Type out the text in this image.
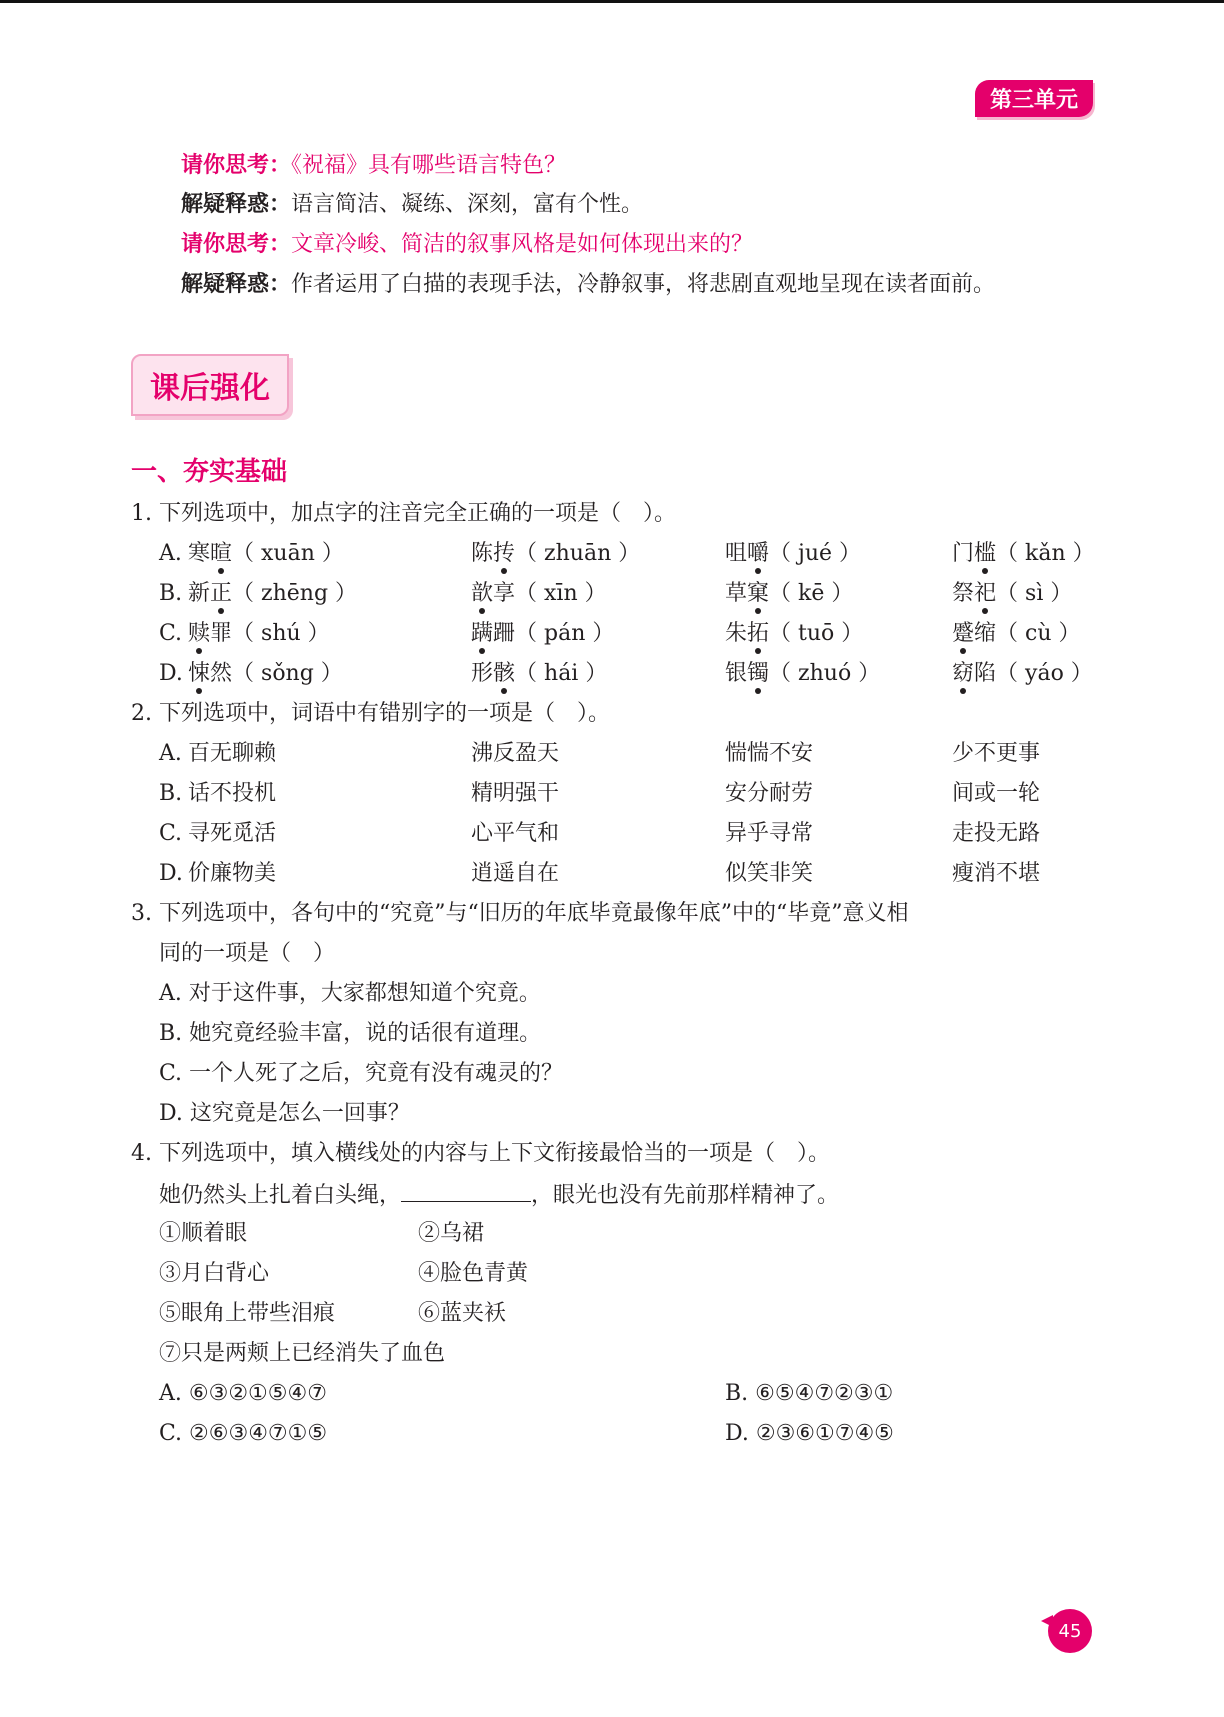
第三单元
请你思考：《祝福》具有哪些语言特色？
解疑释惑：语言简洁、凝练、深刻，富有个性。
请你思考：文章冷峻、简洁的叙事风格是如何体现出来的？
解疑释惑：作者运用了白描的表现手法，冷静叙事，将悲剧直观地呈现在读者面前。
课后强化
一、夯实基础
1. 下列选项中，加点字的注音完全正确的一项是（　）。
A. 寒暄（ xuān ）	陈抟（ zhuān ）	咀嚼（ jué ）	门槛（ kǎn ）
B. 新正（ zhēng ）	歆享（ xīn ）	草窠（ kē ）	祭祀（ sì ）
C. 赎罪（ shú ）	蹒跚（ pán ）	朱拓（ tuō ）	蹙缩（ cù ）
D. 悚然（ sǒng ）	形骸（ hái ）	银镯（ zhuó ）	窈陷（ yáo ）
2. 下列选项中，词语中有错别字的一项是（　）。
A. 百无聊赖	沸反盈天	惴惴不安	少不更事
B. 话不投机	精明强干	安分耐劳	间或一轮
C. 寻死觅活	心平气和	异乎寻常	走投无路
D. 价廉物美	逍遥自在	似笑非笑	瘦消不堪
3. 下列选项中，各句中的“究竟”与“旧历的年底毕竟最像年底”中的“毕竟”意义相
同的一项是（　）
A. 对于这件事，大家都想知道个究竟。
B. 她究竟经验丰富，说的话很有道理。
C. 一个人死了之后，究竟有没有魂灵的？
D. 这究竟是怎么一回事？
4. 下列选项中，填入横线处的内容与上下文衔接最恰当的一项是（　）。
她仍然头上扎着白头绳，	，眼光也没有先前那样精神了。
①顺着眼	②乌裙
③月白背心	④脸色青黄
⑤眼角上带些泪痕	⑥蓝夹袄
⑦只是两颊上已经消失了血色
A. ⑥③②①⑤④⑦	B. ⑥⑤④⑦②③①
C. ②⑥③④⑦①⑤	D. ②③⑥①⑦④⑤
45
